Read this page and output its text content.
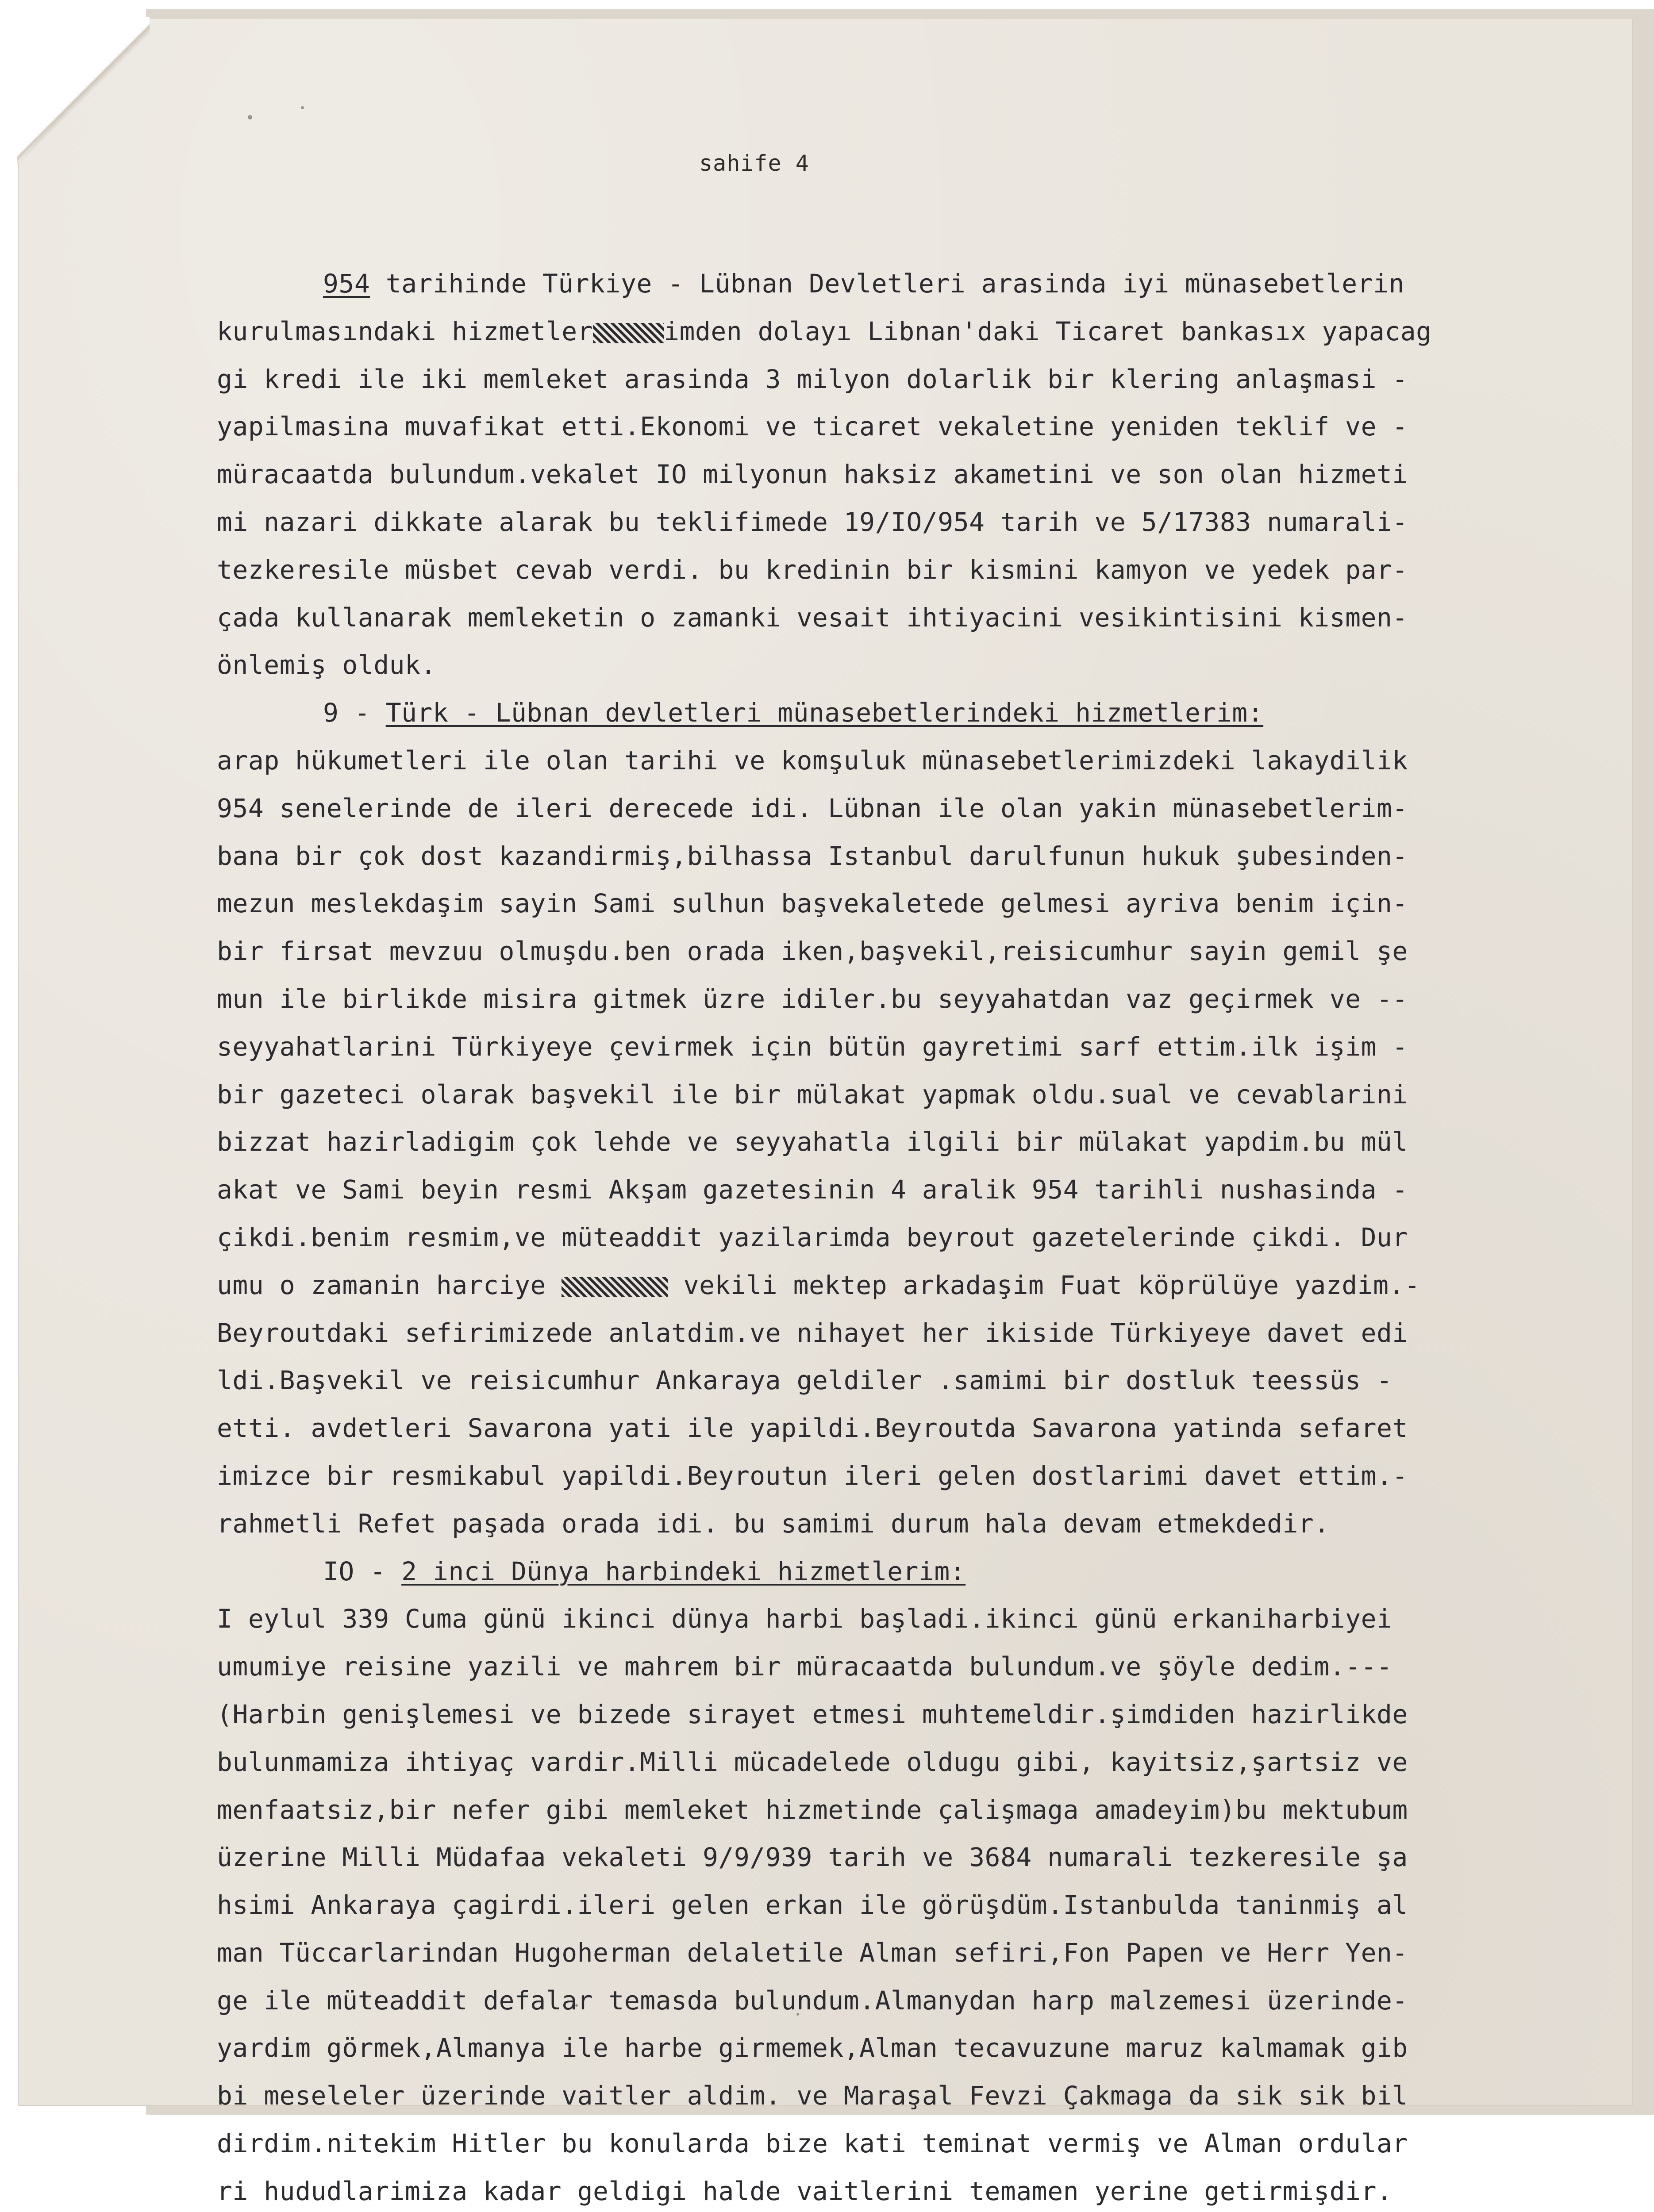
sahife 4
954 tarihinde Türkiye - Lübnan Devletleri arasinda iyi münasebetlerin
kurulmasındaki hizmetler	imden dolayı Libnan'daki Ticaret bankasıx yapacag
gi kredi ile iki memleket arasinda 3 milyon dolarlik bir klering anlaşmasi -
yapilmasina muvafikat etti.Ekonomi ve ticaret vekaletine yeniden teklif ve -
müracaatda bulundum.vekalet IO milyonun haksiz akametini ve son olan hizmeti
mi nazari dikkate alarak bu teklifimede 19/IO/954 tarih ve 5/17383 numarali-
tezkeresile müsbet cevab verdi. bu kredinin bir kismini kamyon ve yedek par-
çada kullanarak memleketin o zamanki vesait ihtiyacini vesikintisini kismen-
önlemiş olduk.
9 - Türk - Lübnan devletleri münasebetlerindeki hizmetlerim:
arap hükumetleri ile olan tarihi ve komşuluk münasebetlerimizdeki lakaydilik
954 senelerinde de ileri derecede idi. Lübnan ile olan yakin münasebetlerim-
bana bir çok dost kazandirmiş,bilhassa Istanbul darulfunun hukuk şubesinden-
mezun meslekdaşim sayin Sami sulhun başvekaletede gelmesi ayriva benim için-
bir firsat mevzuu olmuşdu.ben orada iken,başvekil,reisicumhur sayin gemil şe
mun ile birlikde misira gitmek üzre idiler.bu seyyahatdan vaz geçirmek ve --
seyyahatlarini Türkiyeye çevirmek için bütün gayretimi sarf ettim.ilk işim -
bir gazeteci olarak başvekil ile bir mülakat yapmak oldu.sual ve cevablarini
bizzat hazirladigim çok lehde ve seyyahatla ilgili bir mülakat yapdim.bu mül
akat ve Sami beyin resmi Akşam gazetesinin 4 aralik 954 tarihli nushasinda -
çikdi.benim resmim,ve müteaddit yazilarimda beyrout gazetelerinde çikdi. Dur
umu o zamanin harciye	vekili mektep arkadaşim Fuat köprülüye yazdim.-
Beyroutdaki sefirimizede anlatdim.ve nihayet her ikiside Türkiyeye davet edi
ldi.Başvekil ve reisicumhur Ankaraya geldiler .samimi bir dostluk teessüs -
etti. avdetleri Savarona yati ile yapildi.Beyroutda Savarona yatinda sefaret
imizce bir resmikabul yapildi.Beyroutun ileri gelen dostlarimi davet ettim.-
rahmetli Refet paşada orada idi. bu samimi durum hala devam etmekdedir.
IO - 2 inci Dünya harbindeki hizmetlerim:
I eylul 339 Cuma günü ikinci dünya harbi başladi.ikinci günü erkaniharbiyei
umumiye reisine yazili ve mahrem bir müracaatda bulundum.ve şöyle dedim.---
(Harbin genişlemesi ve bizede sirayet etmesi muhtemeldir.şimdiden hazirlikde
bulunmamiza ihtiyaç vardir.Milli mücadelede oldugu gibi, kayitsiz,şartsiz ve
menfaatsiz,bir nefer gibi memleket hizmetinde çalişmaga amadeyim)bu mektubum
üzerine Milli Müdafaa vekaleti 9/9/939 tarih ve 3684 numarali tezkeresile şa
hsimi Ankaraya çagirdi.ileri gelen erkan ile görüşdüm.Istanbulda taninmiş al
man Tüccarlarindan Hugoherman delaletile Alman sefiri,Fon Papen ve Herr Yen-
ge ile müteaddit defalar temasda bulundum.Almanydan harp malzemesi üzerinde-
yardim görmek,Almanya ile harbe girmemek,Alman tecavuzune maruz kalmamak gib
bi meseleler üzerinde vaitler aldim. ve Maraşal Fevzi Çakmaga da sik sik bil
dirdim.nitekim Hitler bu konularda bize kati teminat vermiş ve Alman ordular
ri hududlarimiza kadar geldigi halde vaitlerini temamen yerine getirmişdir.
